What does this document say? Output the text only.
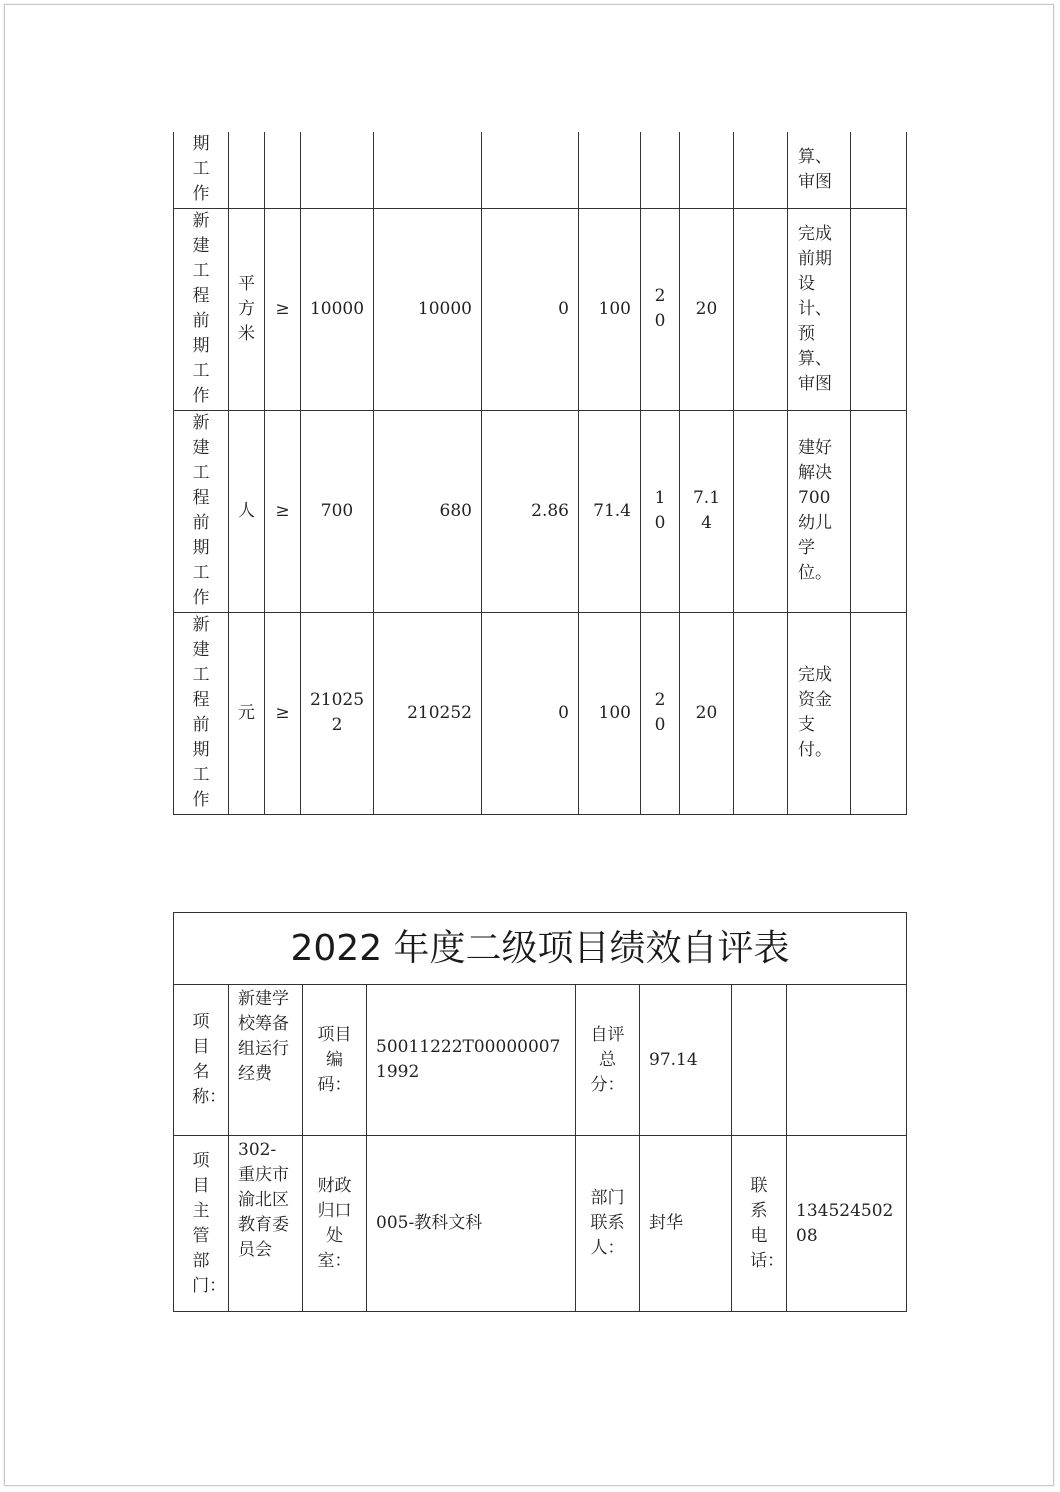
期工作										算、审图	
新建工程前期工作	平方米	≥	10000	10000	0	100	20	20		完成前期设计、预算、审图	
新建工程前期工作	人	≥	700	680	2.86	71.4	10	7.14		建好解决700幼儿学位。	
新建工程前期工作	元	≥	210252	210252	0	100	20	20		完成资金支付。	
2022 年度二级项目绩效自评表							
项目名称：	新建学校筹备组运行经费	项目编码：	50011222T000000071992	自评总分：	97.14		
项目主管部门：	302-重庆市渝北区教育委员会	财政归口处室：	005-教科文科	部门联系人：	封华	联系电话：	13452450208
